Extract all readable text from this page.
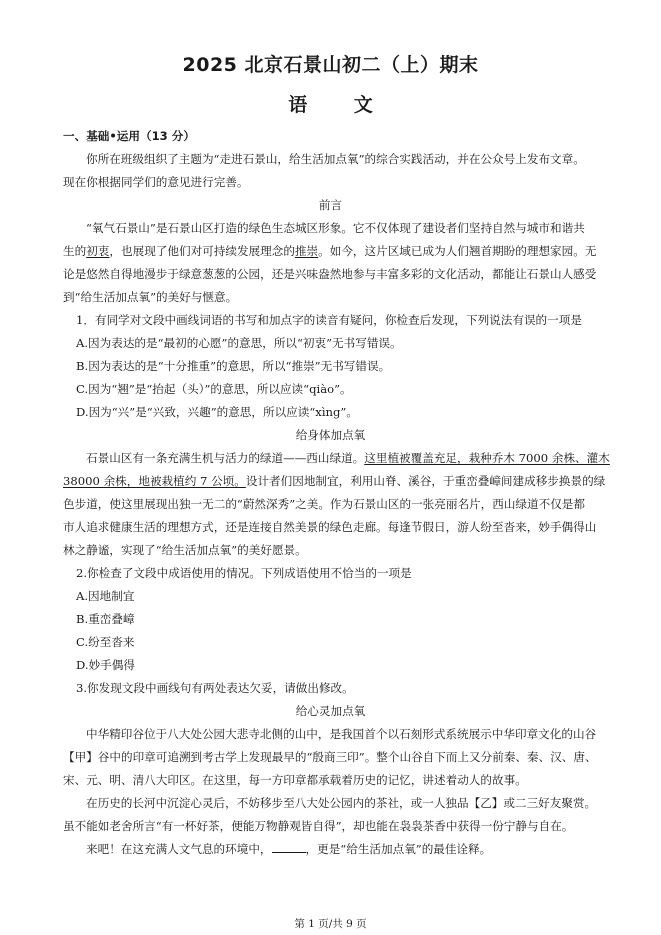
2025 北京石景山初二（上）期末
语 文
一、基础•运用（13 分）
你所在班级组织了主题为“走进石景山，给生活加点氧”的综合实践活动，并在公众号上发布文章。
现在你根据同学们的意见进行完善。
前言
“氧气石景山”是石景山区打造的绿色生态城区形象。它不仅体现了建设者们坚持自然与城市和谐共
生的初衷，也展现了他们对可持续发展理念的推崇。如今，这片区域已成为人们翘首期盼的理想家园。无
论是悠然自得地漫步于绿意葱葱的公园，还是兴味盎然地参与丰富多彩的文化活动，都能让石景山人感受
到“给生活加点氧”的美好与惬意。
1．有同学对文段中画线词语的书写和加点字的读音有疑问，你检查后发现，下列说法有误的一项是
A.因为表达的是“最初的心愿”的意思，所以“初衷”无书写错误。
B.因为表达的是“十分推重”的意思，所以“推崇”无书写错误。
C.因为“翘”是“抬起（头）”的意思，所以应读“qiào”。
D.因为“兴”是“兴致，兴趣”的意思，所以应读“xìng”。
给身体加点氧
石景山区有一条充满生机与活力的绿道——西山绿道。这里植被覆盖充足，栽种乔木 7000 余株、灌木
38000 余株，地被栽植约 7 公顷。设计者们因地制宜，利用山脊、溪谷，于重峦叠嶂间建成移步换景的绿
色步道，使这里展现出独一无二的“蔚然深秀”之美。作为石景山区的一张亮丽名片，西山绿道不仅是都
市人追求健康生活的理想方式，还是连接自然美景的绿色走廊。每逢节假日，游人纷至沓来，妙手偶得山
林之静谧，实现了“给生活加点氧”的美好愿景。
2.你检查了文段中成语使用的情况。下列成语使用不恰当的一项是
A.因地制宜
B.重峦叠嶂
C.纷至沓来
D.妙手偶得
3.你发现文段中画线句有两处表达欠妥，请做出修改。
给心灵加点氧
中华精印谷位于八大处公园大悲寺北侧的山中，是我国首个以石刻形式系统展示中华印章文化的山谷
【甲】谷中的印章可追溯到考古学上发现最早的“殷商三印”。整个山谷自下而上又分前秦、秦、汉、唐、
宋、元、明、清八大印区。在这里，每一方印章都承载着历史的记忆，讲述着动人的故事。
在历史的长河中沉淀心灵后，不妨移步至八大处公园内的茶社，或一人独品【乙】或二三好友聚赏。
虽不能如老舍所言“有一杯好茶，便能万物静观皆自得”，却也能在袅袅茶香中获得一份宁静与自在。
来吧！在这充满人文气息的环境中，	，更是“给生活加点氧”的最佳诠释。
第 1 页/共 9 页
